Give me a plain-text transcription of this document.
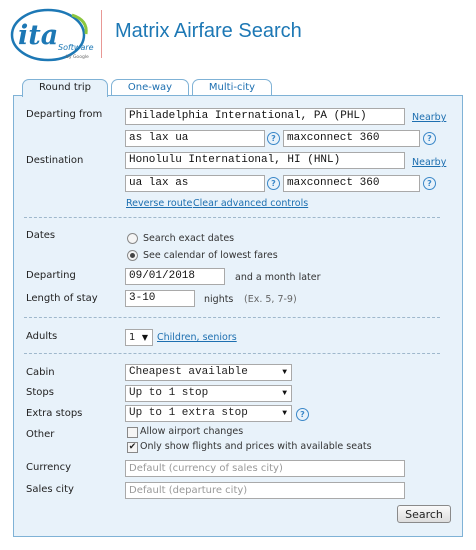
ita Software
by Google
Matrix Airfare Search
Round trip	One-way	Multi-city
Departing from	Philadelphia International, PA (PHL)	Nearby
as lax ua	?	maxconnect 360	?
Destination	Honolulu International, HI (HNL)	Nearby
ua lax as	?	maxconnect 360	?
Reverse route Clear advanced controls
Dates	Search exact dates
See calendar of lowest fares
Departing	09/01/2018	and a month later
Length of stay	3-10	nights (Ex. 5, 7-9)
Adults	1 ▼ Children, seniors
Cabin	Cheapest available	▼
Stops	Up to 1 stop	▼
Extra stops	Up to 1 extra stop	▼	?
Other	Allow airport changes
✔ Only show flights and prices with available seats
Currency	Default (currency of sales city)
Sales city	Default (departure city)
Search
